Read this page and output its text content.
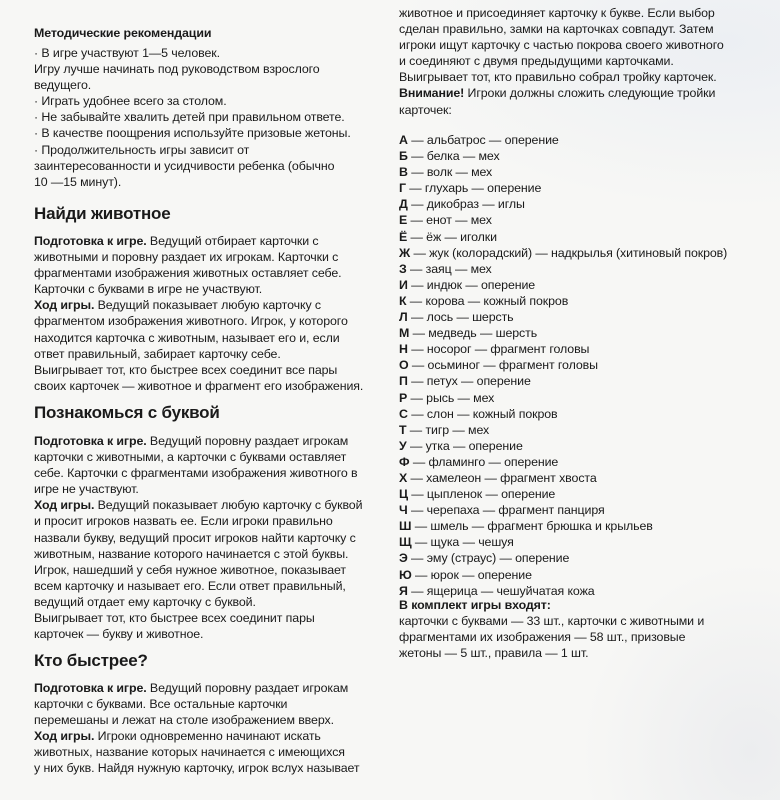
Методические рекомендации
· В игре участвуют 1—5 человек.
Игру лучше начинать под руководством взрослого
ведущего.
· Играть удобнее всего за столом.
· Не забывайте хвалить детей при правильном ответе.
· В качестве поощрения используйте призовые жетоны.
· Продолжительность игры зависит от
заинтересованности и усидчивости ребенка (обычно
10 —15 минут).
Найди животное
Подготовка к игре. Ведущий отбирает карточки с
животными и поровну раздает их игрокам. Карточки с
фрагментами изображения животных оставляет себе.
Карточки с буквами в игре не участвуют.
Ход игры. Ведущий показывает любую карточку с
фрагментом изображения животного. Игрок, у которого
находится карточка с животным, называет его и, если
ответ правильный, забирает карточку себе.
Выигрывает тот, кто быстрее всех соединит все пары
своих карточек — животное и фрагмент его изображения.
Познакомься с буквой
Подготовка к игре. Ведущий поровну раздает игрокам
карточки с животными, а карточки с буквами оставляет
себе. Карточки с фрагментами изображения животного в
игре не участвуют.
Ход игры. Ведущий показывает любую карточку с буквой
и просит игроков назвать ее. Если игроки правильно
назвали букву, ведущий просит игроков найти карточку с
животным, название которого начинается с этой буквы.
Игрок, нашедший у себя нужное животное, показывает
всем карточку и называет его. Если ответ правильный,
ведущий отдает ему карточку с буквой.
Выигрывает тот, кто быстрее всех соединит пары
карточек — букву и животное.
Кто быстрее?
Подготовка к игре. Ведущий поровну раздает игрокам
карточки с буквами. Все остальные карточки
перемешаны и лежат на столе изображением вверх.
Ход игры. Игроки одновременно начинают искать
животных, название которых начинается с имеющихся
у них букв. Найдя нужную карточку, игрок вслух называет
животное и присоединяет карточку к букве. Если выбор
сделан правильно, замки на карточках совпадут. Затем
игроки ищут карточку с частью покрова своего животного
и соединяют с двумя предыдущими карточками.
Выигрывает тот, кто правильно собрал тройку карточек.
Внимание! Игроки должны сложить следующие тройки
карточек:
А — альбатрос — оперение
Б — белка — мех
В — волк — мех
Г — глухарь — оперение
Д — дикобраз — иглы
Е — енот — мех
Ё — ёж — иголки
Ж — жук (колорадский) — надкрылья (хитиновый покров)
З — заяц — мех
И — индюк — оперение
К — корова — кожный покров
Л — лось — шерсть
М — медведь — шерсть
Н — носорог — фрагмент головы
О — осьминог — фрагмент головы
П — петух — оперение
Р — рысь — мех
С — слон — кожный покров
Т — тигр — мех
У — утка — оперение
Ф — фламинго — оперение
Х — хамелеон — фрагмент хвоста
Ц — цыпленок — оперение
Ч — черепаха — фрагмент панциря
Ш — шмель — фрагмент брюшка и крыльев
Щ — щука — чешуя
Э — эму (страус) — оперение
Ю — юрок — оперение
Я — ящерица — чешуйчатая кожа
В комплект игры входят:
карточки с буквами — 33 шт., карточки с животными и
фрагментами их изображения — 58 шт., призовые
жетоны — 5 шт., правила — 1 шт.
